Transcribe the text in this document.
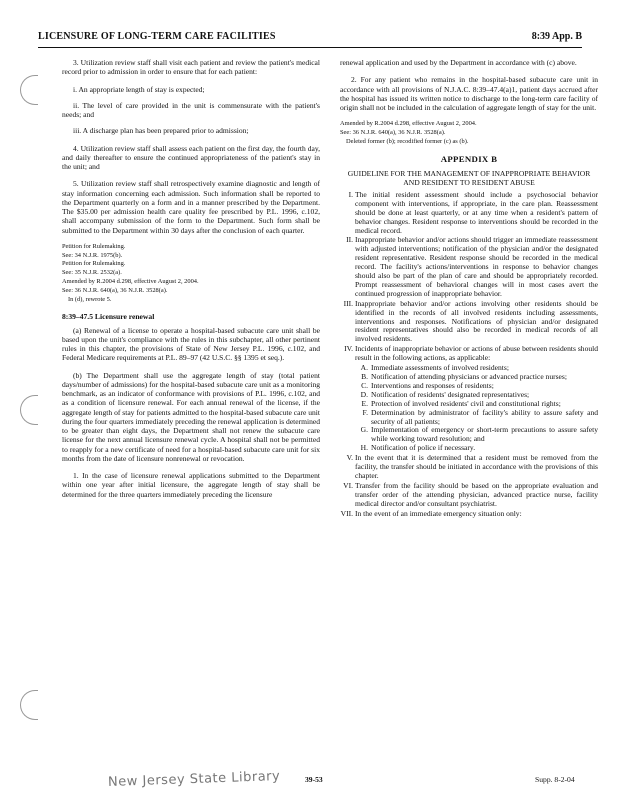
LICENSURE OF LONG-TERM CARE FACILITIES	8:39 App. B
3. Utilization review staff shall visit each patient and review the patient's medical record prior to admission in order to ensure that for each patient:
i. An appropriate length of stay is expected;
ii. The level of care provided in the unit is commensurate with the patient's needs; and
iii. A discharge plan has been prepared prior to admission;
4. Utilization review staff shall assess each patient on the first day, the fourth day, and daily thereafter to ensure the continued appropriateness of the patient's stay in the unit; and
5. Utilization review staff shall retrospectively examine diagnostic and length of stay information concerning each admission. Such information shall be reported to the Department quarterly on a form and in a manner prescribed by the Department. The $35.00 per admission health care quality fee prescribed by P.L. 1996, c.102, shall accompany submission of the form to the Department. Such form shall be submitted to the Department within 30 days after the conclusion of each quarter.
Petition for Rulemaking.
See: 34 N.J.R. 1975(b).
Petition for Rulemaking.
See: 35 N.J.R. 2532(a).
Amended by R.2004 d.298, effective August 2, 2004.
See: 36 N.J.R. 640(a), 36 N.J.R. 3528(a).
In (d), rewrote 5.
8:39–47.5 Licensure renewal
(a) Renewal of a license to operate a hospital-based subacute care unit shall be based upon the unit's compliance with the rules in this subchapter, all other pertinent rules in this chapter, the provisions of State of New Jersey P.L. 1996, c.102, and Federal Medicare requirements at P.L. 89–97 (42 U.S.C. §§ 1395 et seq.).
(b) The Department shall use the aggregate length of stay (total patient days/number of admissions) for the hospital-based subacute care unit as a monitoring benchmark, as an indicator of conformance with provisions of P.L. 1996, c.102, and as a condition of licensure renewal. For each annual renewal of the license, if the aggregate length of stay for patients admitted to the hospital-based subacute care unit during the four quarters immediately preceding the renewal application is determined to be greater than eight days, the Department shall not renew the subacute care license for the next annual licensure renewal cycle. A hospital shall not be permitted to reapply for a new certificate of need for a hospital-based subacute care unit for six months from the date of licensure nonrenewal or revocation.
1. In the case of licensure renewal applications submitted to the Department within one year after initial licensure, the aggregate length of stay shall be determined for the three quarters immediately preceding the licensure
renewal application and used by the Department in accordance with (c) above.
2. For any patient who remains in the hospital-based subacute care unit in accordance with all provisions of N.J.A.C. 8:39–47.4(a)1, patient days accrued after the hospital has issued its written notice to discharge to the long-term care facility of origin shall not be included in the calculation of aggregate length of stay for the unit.
Amended by R.2004 d.298, effective August 2, 2004.
See: 36 N.J.R. 640(a), 36 N.J.R. 3528(a).
Deleted former (b); recodified former (c) as (b).
APPENDIX B
GUIDELINE FOR THE MANAGEMENT OF INAPPROPRIATE BEHAVIOR AND RESIDENT TO RESIDENT ABUSE
I. The initial resident assessment should include a psychosocial behavior component with interventions, if appropriate, in the care plan. Reassessment should be done at least quarterly, or at any time when a resident's pattern of behavior changes. Resident response to interventions should be recorded in the medical record.
II. Inappropriate behavior and/or actions should trigger an immediate reassessment with adjusted interventions; notification of the physician and/or the designated resident representative. Resident response should be recorded in the medical record. The facility's actions/interventions in response to behavior changes should also be part of the plan of care and should be appropriately recorded. Prompt reassessment of behavioral changes will in most cases avert the continued progression of inappropriate behavior.
III. Inappropriate behavior and/or actions involving other residents should be identified in the records of all involved residents including assessments, interventions and responses. Notifications of physician and/or designated resident representatives should also be recorded in medical records of all involved residents.
IV. Incidents of inappropriate behavior or actions of abuse between residents should result in the following actions, as applicable:
A. Immediate assessments of involved residents;
B. Notification of attending physicians or advanced practice nurses;
C. Interventions and responses of residents;
D. Notification of residents' designated representatives;
E. Protection of involved residents' civil and constitutional rights;
F. Determination by administrator of facility's ability to assure safety and security of all patients;
G. Implementation of emergency or short-term precautions to assure safety while working toward resolution; and
H. Notification of police if necessary.
V. In the event that it is determined that a resident must be removed from the facility, the transfer should be initiated in accordance with the provisions of this chapter.
VI. Transfer from the facility should be based on the appropriate evaluation and transfer order of the attending physician, advanced practice nurse, facility medical director and/or consultant psychiatrist.
VII. In the event of an immediate emergency situation only:
New Jersey State Library	39-53	Supp. 8-2-04
